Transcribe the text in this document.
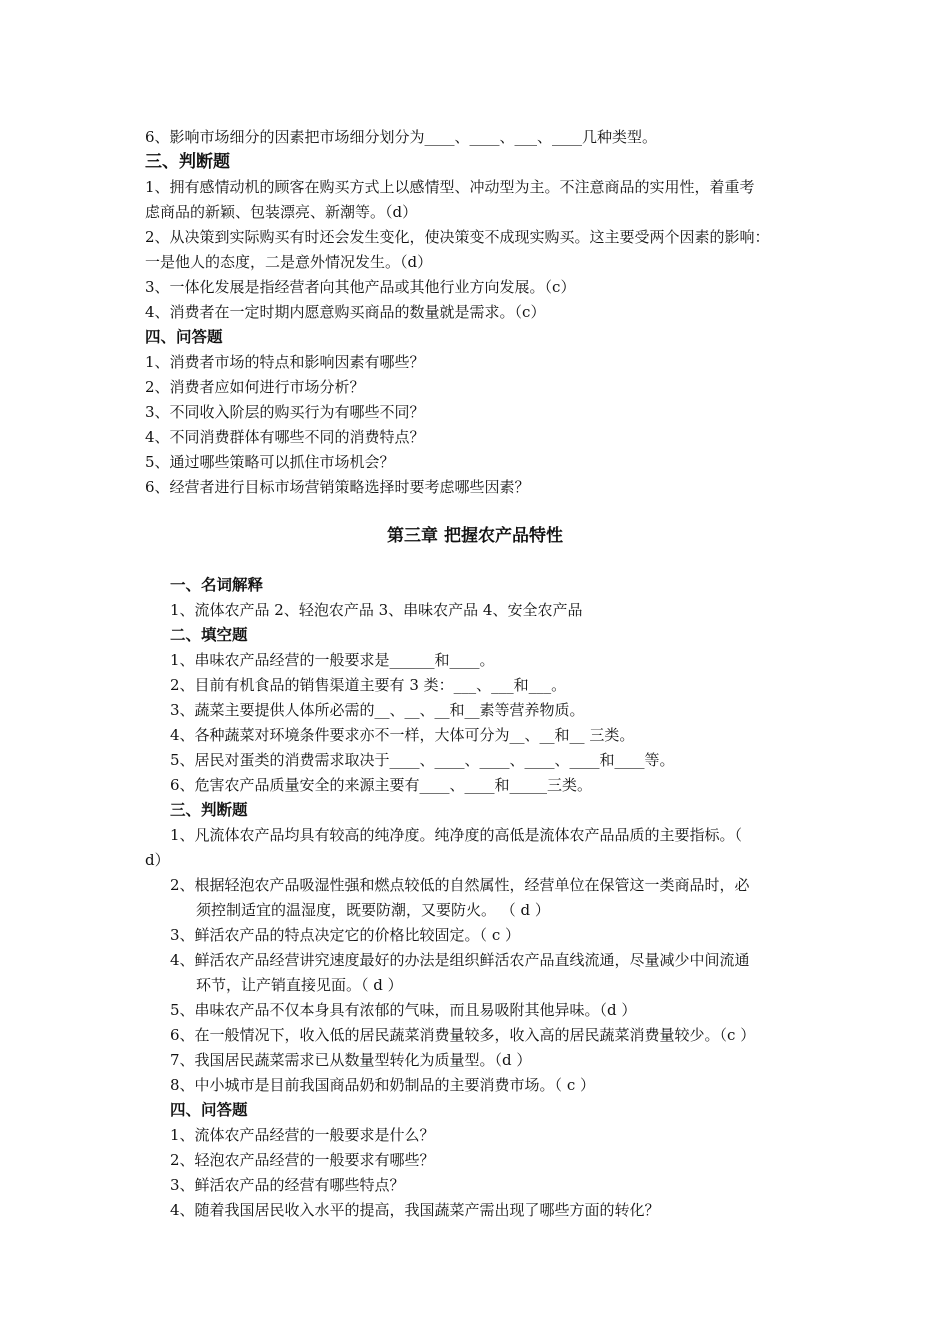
6、影响市场细分的因素把市场细分划分为____、____、___、____几种类型。
三、判断题
1、拥有感情动机的顾客在购买方式上以感情型、冲动型为主。不注意商品的实用性，着重考
虑商品的新颖、包装漂亮、新潮等。（d）
2、从决策到实际购买有时还会发生变化，使决策变不成现实购买。这主要受两个因素的影响：
一是他人的态度，二是意外情况发生。（d）
3、一体化发展是指经营者向其他产品或其他行业方向发展。（c）
4、消费者在一定时期内愿意购买商品的数量就是需求。（c）
四、问答题
1、消费者市场的特点和影响因素有哪些？
2、消费者应如何进行市场分析？
3、不同收入阶层的购买行为有哪些不同？
4、不同消费群体有哪些不同的消费特点？
5、通过哪些策略可以抓住市场机会？
6、经营者进行目标市场营销策略选择时要考虑哪些因素？
第三章 把握农产品特性
一、名词解释
1、流体农产品 2、轻泡农产品 3、串味农产品 4、安全农产品
二、填空题
1、串味农产品经营的一般要求是______和____。
2、目前有机食品的销售渠道主要有 3 类：___、___和___。
3、蔬菜主要提供人体所必需的__、__、__和__素等营养物质。
4、各种蔬菜对环境条件要求亦不一样，大体可分为__、__和__ 三类。
5、居民对蛋类的消费需求取决于____、____、____、____、____和____等。
6、危害农产品质量安全的来源主要有____、____和_____三类。
三、判断题
1、凡流体农产品均具有较高的纯净度。纯净度的高低是流体农产品品质的主要指标。（
d）
2、根据轻泡农产品吸湿性强和燃点较低的自然属性，经营单位在保管这一类商品时，必
须控制适宜的温湿度，既要防潮，又要防火。 （ d ）
3、鲜活农产品的特点决定它的价格比较固定。（ c ）
4、鲜活农产品经营讲究速度最好的办法是组织鲜活农产品直线流通，尽量减少中间流通
环节，让产销直接见面。（ d ）
5、串味农产品不仅本身具有浓郁的气味，而且易吸附其他异味。（d ）
6、在一般情况下，收入低的居民蔬菜消费量较多，收入高的居民蔬菜消费量较少。（c ）
7、我国居民蔬菜需求已从数量型转化为质量型。（d ）
8、中小城市是目前我国商品奶和奶制品的主要消费市场。（ c ）
四、问答题
1、流体农产品经营的一般要求是什么？
2、轻泡农产品经营的一般要求有哪些？
3、鲜活农产品的经营有哪些特点？
4、随着我国居民收入水平的提高，我国蔬菜产需出现了哪些方面的转化？
